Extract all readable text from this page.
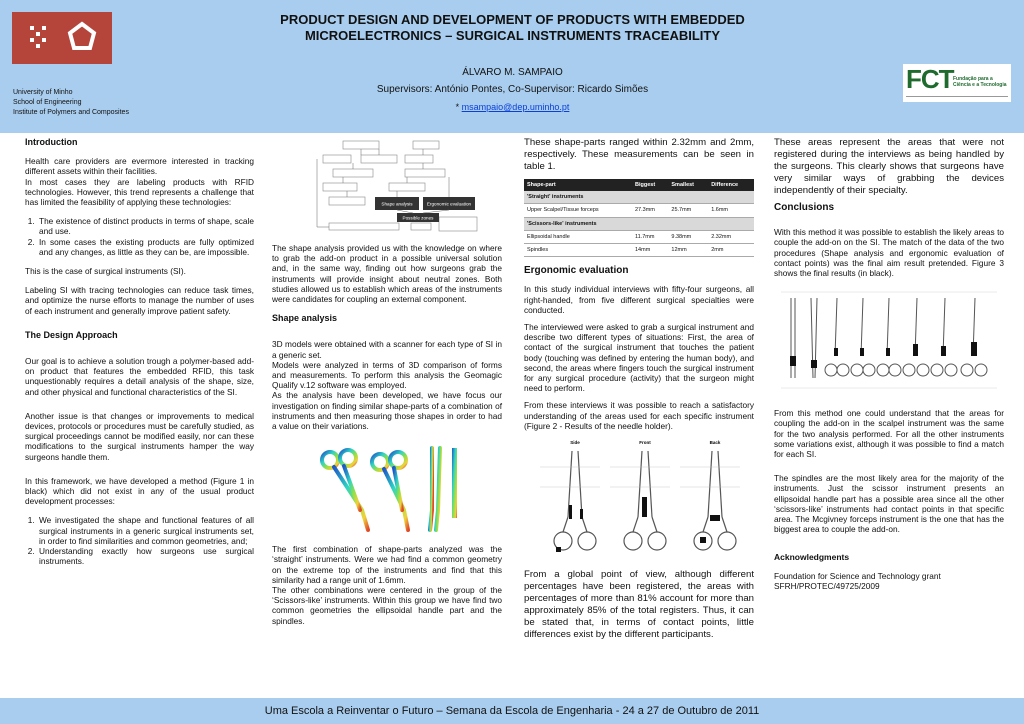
University of Minho
School of Engineering
Institute of Polymers and Composites
PRODUCT DESIGN AND DEVELOPMENT OF PRODUCTS WITH EMBEDDED
MICROELECTRONICS – SURGICAL INSTRUMENTS TRACEABILITY
ÁLVARO M. SAMPAIO
Supervisors: António Pontes, Co-Supervisor: Ricardo Simões
* msampaio@dep.uminho.pt
FCT Fundação para a Ciência e a Tecnologia
Introduction

Health care providers are evermore interested in tracking different assets within their facilities.
In most cases they are labeling products with RFID technologies. However, this trend represents a challenge that has limited the feasibility of applying these technologies:

1. The existence of distinct products in terms of shape, scale and use.
2. In some cases the existing products are fully optimized and any changes, as little as they can be, are impossible.

This is the case of surgical instruments (SI).

Labeling SI with tracing technologies can reduce task times, and optimize the nurse efforts to manage the number of uses of each instrument and generally improve patient safety.

The Design Approach

Our goal is to achieve a solution trough a polymer-based add-on product that features the embedded RFID, this task unquestionably requires a detail analysis of the shape, size, and other physical and functional characteristics of the SI.

Another issue is that changes or improvements to medical devices, protocols or procedures must be carefully studied, as surgical proceedings cannot be modified easily, nor can these modifications to the surgical instruments hamper the way surgeons handle them.

In this framework, we have developed a method (Figure 1 in black) which did not exist in any of the usual product development processes:

1. We investigated the shape and functional features of all surgical instruments in a generic surgical instruments set, in order to find similarities and common geometries, and;
2. Understanding exactly how surgeons use surgical instruments.
Shape analysis	Ergonomic evaluation
Possible zones

The shape analysis provided us with the knowledge on where to grab the add-on product in a possible universal solution and, in the same way, finding out how surgeons grab the instruments will provide insight about neutral zones. Both studies allowed us to establish which areas of the instruments were candidates for coupling an external component.

Shape analysis

3D models were obtained with a scanner for each type of SI in a generic set.
Models were analyzed in terms of 3D comparison of forms and measurements. To perform this analysis the Geomagic Qualify v.12 software was employed.
As the analysis have been developed, we have focus our investigation on finding similar shape-parts of a combination of instruments and then measuring those shapes in order to had a value on their variations.

The first combination of shape-parts analyzed was the ‘straight’ instruments. Were we had find a common geometry on the extreme top of the instruments and find that this similarity had a range unit of 1.6mm.
The other combinations were centered in the group of the ‘Scissors-like’ instruments. Within this group we have find two common geometries the ellipsoidal handle part and the spindles.

These shape-parts ranged within 2.32mm and 2mm, respectively. These measurements can be seen in table 1.

Shape-part	Biggest	Smallest	Difference
'Straight' instruments			
Upper Scalpel/Tissue forceps	27.3mm	25.7mm	1.6mm
'Scissors-like' instruments			
Ellipsoidal handle	11.7mm	9.38mm	2.32mm
Spindles	14mm	12mm	2mm
Ergonomic evaluation

In this study individual interviews with fifty-four surgeons, all right-handed, from five different surgical specialties were conducted.

The interviewed were asked to grab a surgical instrument and describe two different types of situations: First, the area of contact of the surgical instrument that touches the patient body (touching was defined by entering the human body), and second, the areas where fingers touch the surgical instrument for any surgical procedure (activity) that the surgeon might need to perform.

From these interviews it was possible to reach a satisfactory understanding of the areas used for each specific instrument (Figure 2 - Results of the needle holder).

Side	Front	Back

From a global point of view, although different percentages have been registered, the areas with percentages of more than 81% account for more than approximately 85% of the total registers. Thus, it can be stated that, in terms of contact points, little differences exist by the different participants.

These areas represent the areas that were not registered during the interviews as being handled by the surgeons. This clearly shows that surgeons have very similar ways of grabbing the devices independently of their specialty.

Conclusions

With this method it was possible to establish the likely areas to couple the add-on on the SI. The match of the data of the two procedures (Shape analysis and ergonomic evaluation of contact points) was the final aim result pretended. Figure 3 shows the final results (in black).

From this method one could understand that the areas for coupling the add-on in the scalpel instrument was the same for the two analysis performed. For all the other instruments some variations exist, although it was possible to find a match for each SI.

The spindles are the most likely area for the majority of the instruments. Just the scissor instrument presents an ellipsoidal handle part has a possible area since all the other ‘scissors-like’ instruments had contact points in that specific area. The Mcgivney forceps instrument is the one that has the biggest area to couple the add-on.

Acknowledgments
Foundation for Science and Technology grant
SFRH/PROTEC/49725/2009
Uma Escola a Reinventar o Futuro – Semana da Escola de Engenharia - 24 a 27 de Outubro de 2011
